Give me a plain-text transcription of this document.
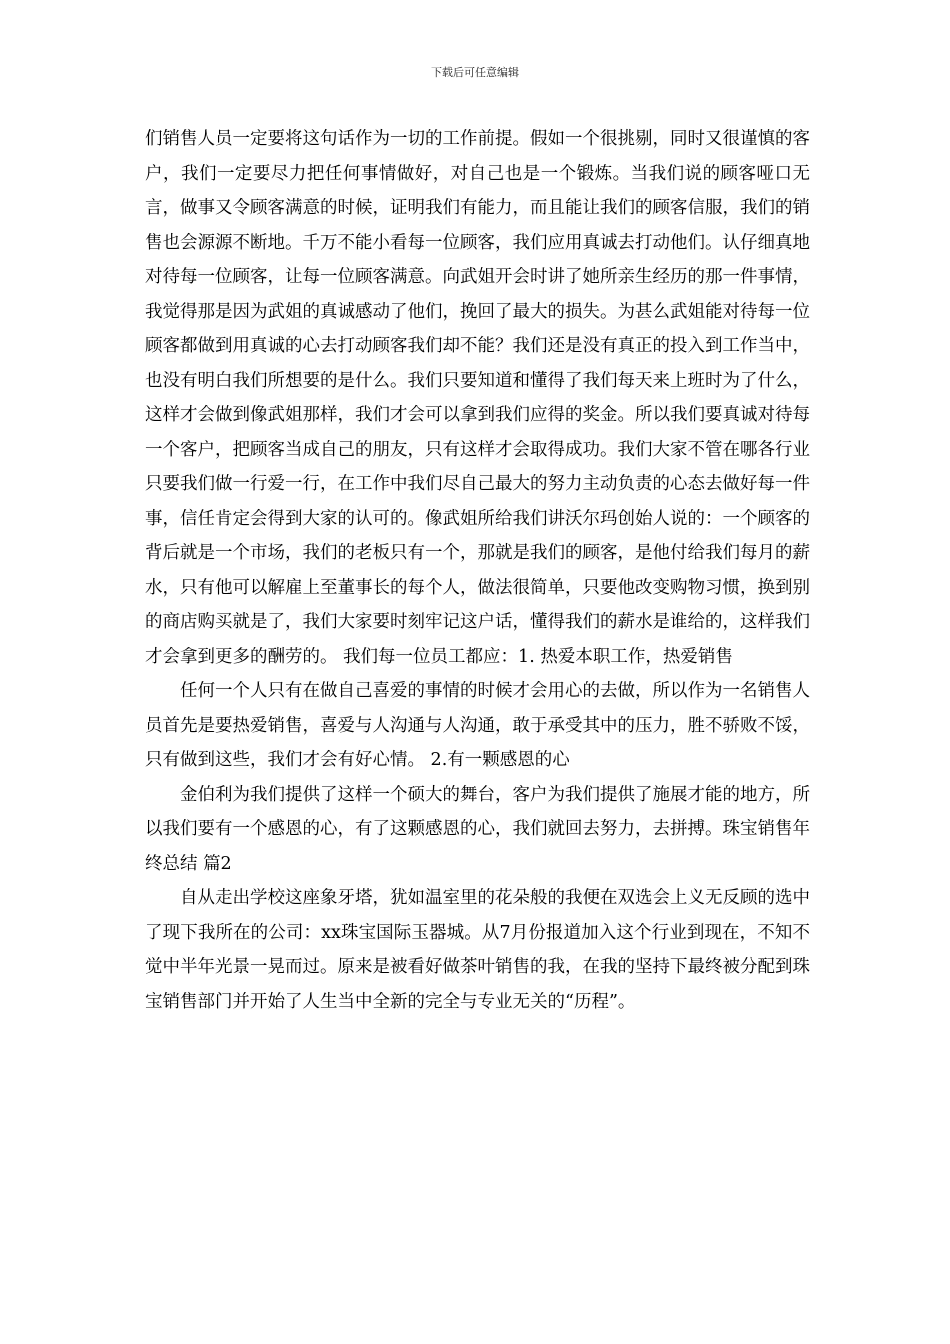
下载后可任意编辑

们销售人员一定要将这句话作为一切的工作前提。假如一个很挑剔，同时又很谨慎的客户，我们一定要尽力把任何事情做好，对自己也是一个锻炼。当我们说的顾客哑口无言，做事又令顾客满意的时候，证明我们有能力，而且能让我们的顾客信服，我们的销售也会源源不断地。千万不能小看每一位顾客，我们应用真诚去打动他们。认仔细真地对待每一位顾客，让每一位顾客满意。向武姐开会时讲了她所亲生经历的那一件事情，我觉得那是因为武姐的真诚感动了他们，挽回了最大的损失。为甚么武姐能对待每一位顾客都做到用真诚的心去打动顾客我们却不能？我们还是没有真正的投入到工作当中，也没有明白我们所想要的是什么。我们只要知道和懂得了我们每天来上班时为了什么，这样才会做到像武姐那样，我们才会可以拿到我们应得的奖金。所以我们要真诚对待每一个客户，把顾客当成自己的朋友，只有这样才会取得成功。我们大家不管在哪各行业只要我们做一行爱一行，在工作中我们尽自己最大的努力主动负责的心态去做好每一件事，信任肯定会得到大家的认可的。像武姐所给我们讲沃尔玛创始人说的：一个顾客的背后就是一个市场，我们的老板只有一个，那就是我们的顾客，是他付给我们每月的薪水，只有他可以解雇上至董事长的每个人，做法很简单，只要他改变购物习惯，换到别的商店购买就是了，我们大家要时刻牢记这户话，懂得我们的薪水是谁给的，这样我们才会拿到更多的酬劳的。 我们每一位员工都应：1. 热爱本职工作，热爱销售

任何一个人只有在做自己喜爱的事情的时候才会用心的去做，所以作为一名销售人员首先是要热爱销售，喜爱与人沟通与人沟通，敢于承受其中的压力，胜不骄败不馁，只有做到这些，我们才会有好心情。 2.有一颗感恩的心

金伯利为我们提供了这样一个硕大的舞台，客户为我们提供了施展才能的地方，所以我们要有一个感恩的心，有了这颗感恩的心，我们就回去努力，去拼搏。珠宝销售年终总结 篇2

自从走出学校这座象牙塔，犹如温室里的花朵般的我便在双选会上义无反顾的选中了现下我所在的公司：xx珠宝国际玉器城。从7月份报道加入这个行业到现在，不知不觉中半年光景一晃而过。原来是被看好做茶叶销售的我，在我的坚持下最终被分配到珠宝销售部门并开始了人生当中全新的完全与专业无关的“历程”。
